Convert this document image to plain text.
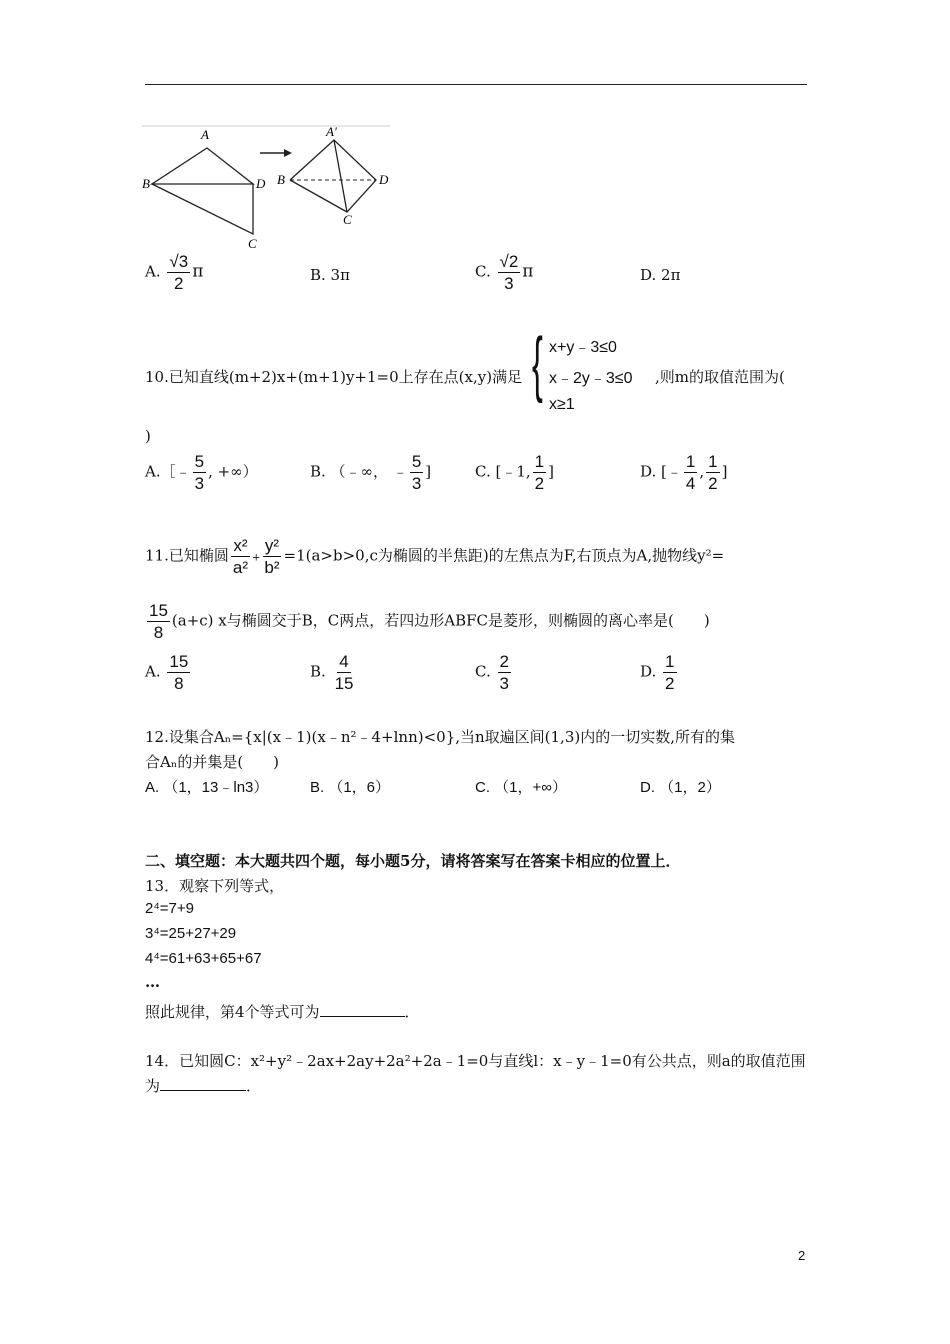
A
B	D
C
A′
B	D
C
A. $\frac{√3}{2}$ π	B. 3π	C. $\frac{√2}{3}$ π	D. 2π
10.已知直线(m+2)x+(m+1)y+1=0上存在点(x,y)满足 { x+y﹣3≤0
x﹣2y﹣3≤0
x≥1
,则m的取值范围为(
)
A.［﹣ $\frac{5}{3}$ , +∞）	B. （﹣∞， ﹣ $\frac{5}{3}$ ]	C. [﹣1, $\frac{1}{2}$ ]	D. [﹣ $\frac{1}{4}$ , $\frac{1}{2}$ ]
11.已知椭圆 $\frac{\text{x²}}{\text{a²}} + \frac{\text{y²}}{\text{b²}} =1(a>b>0,c$为椭圆的半焦距)的左焦点为F,右顶点为A,抛物线y²=
$\frac{15}{8} (a+c)$ x与椭圆交于B，C两点，若四边形ABFC是菱形，则椭圆的离心率是(　　)
A. $\frac{15}{8}$	B. $\frac{4}{15}$	C. $\frac{2}{3}$	D. $\frac{1}{2}$
12.设集合Aₙ={x|(x﹣1)(x﹣n²﹣4+lnn)<0},当n取遍区间(1,3)内的一切实数,所有的集
合Aₙ的并集是(　　)
A. （1，13﹣ln3）	B. （1，6）	C. （1，+∞）	D. （1，2）
二、填空题：本大题共四个题，每小题5分，请将答案写在答案卡相应的位置上．
13．观察下列等式，
2⁴=7+9
3⁴=25+27+29
4⁴=61+63+65+67
…
照此规律，第4个等式可为	．
14．已知圆C：x²+y²﹣2ax+2ay+2a²+2a﹣1=0与直线l：x﹣y﹣1=0有公共点，则a的取值范围
为	．
2
